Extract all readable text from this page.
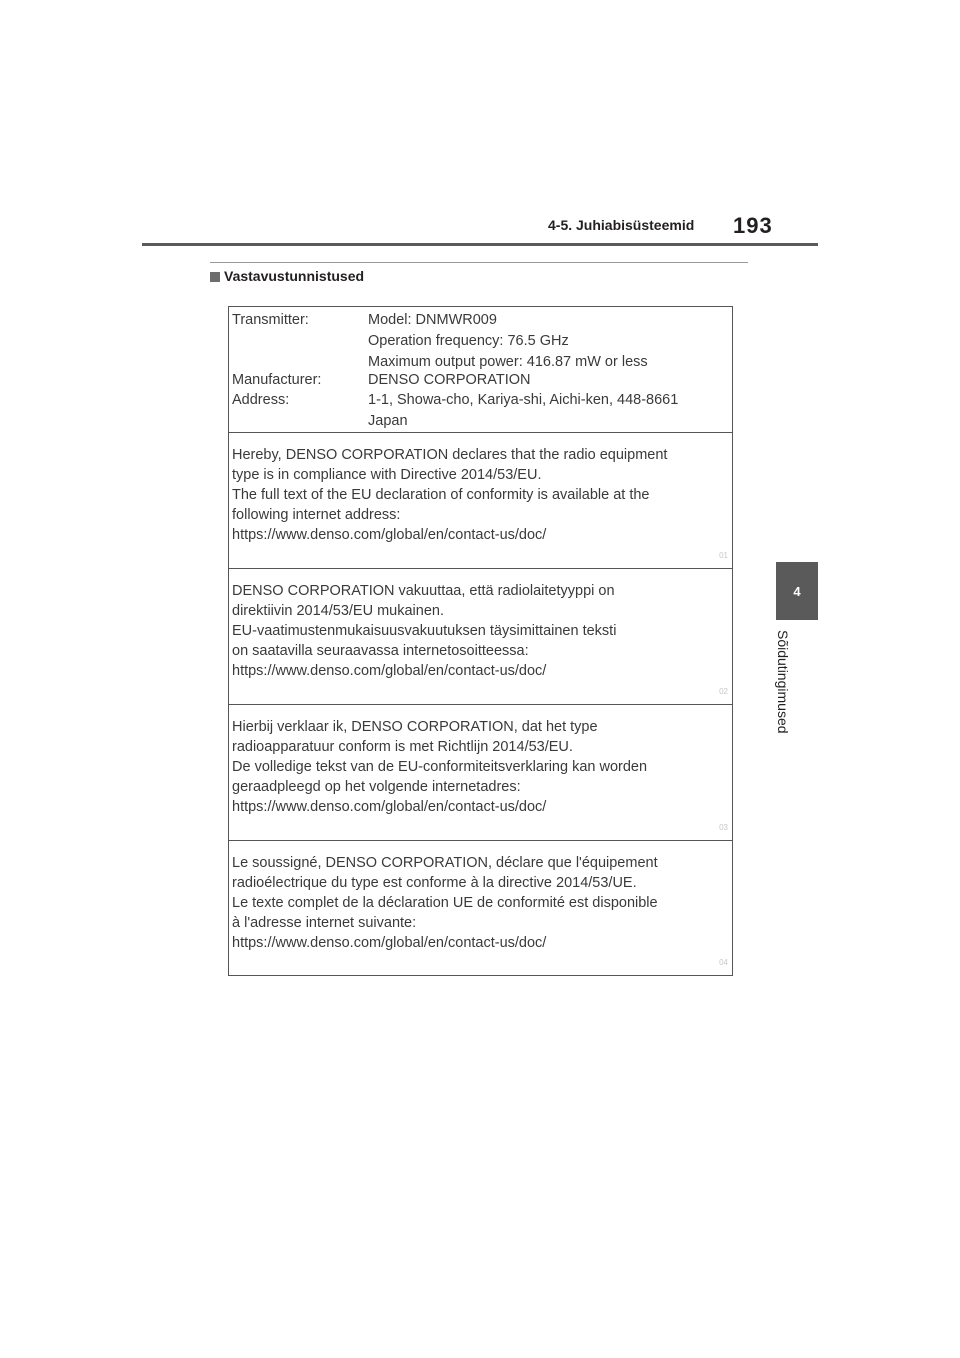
4-5. Juhiabisüsteemid 193
4
Sõidutingimused
Vastavustunnistused

Transmitter:	Model: DNMWR009

Operation frequency: 76.5 GHz

Maximum output power: 416.87 mW or less

Manufacturer:	DENSO CORPORATION

Address:	1-1, Showa-cho, Kariya-shi, Aichi-ken, 448-8661

Japan

Hereby, DENSO CORPORATION declares that the radio equipment

type is in compliance with Directive 2014/53/EU.

The full text of the EU declaration of conformity is available at the

following internet address:

https://www.denso.com/global/en/contact-us/doc/

01

DENSO CORPORATION vakuuttaa, että radiolaitetyyppi on

direktiivin 2014/53/EU mukainen.

EU-vaatimustenmukaisuusvakuutuksen täysimittainen teksti

on saatavilla seuraavassa internetosoitteessa:

https://www.denso.com/global/en/contact-us/doc/

02

Hierbij verklaar ik, DENSO CORPORATION, dat het type

radioapparatuur conform is met Richtlijn 2014/53/EU.

De volledige tekst van de EU-conformiteitsverklaring kan worden

geraadpleegd op het volgende internetadres:

https://www.denso.com/global/en/contact-us/doc/

03

Le soussigné, DENSO CORPORATION, déclare que l'équipement

radioélectrique du type est conforme à la directive 2014/53/UE.

Le texte complet de la déclaration UE de conformité est disponible

à l'adresse internet suivante:

https://www.denso.com/global/en/contact-us/doc/

04
